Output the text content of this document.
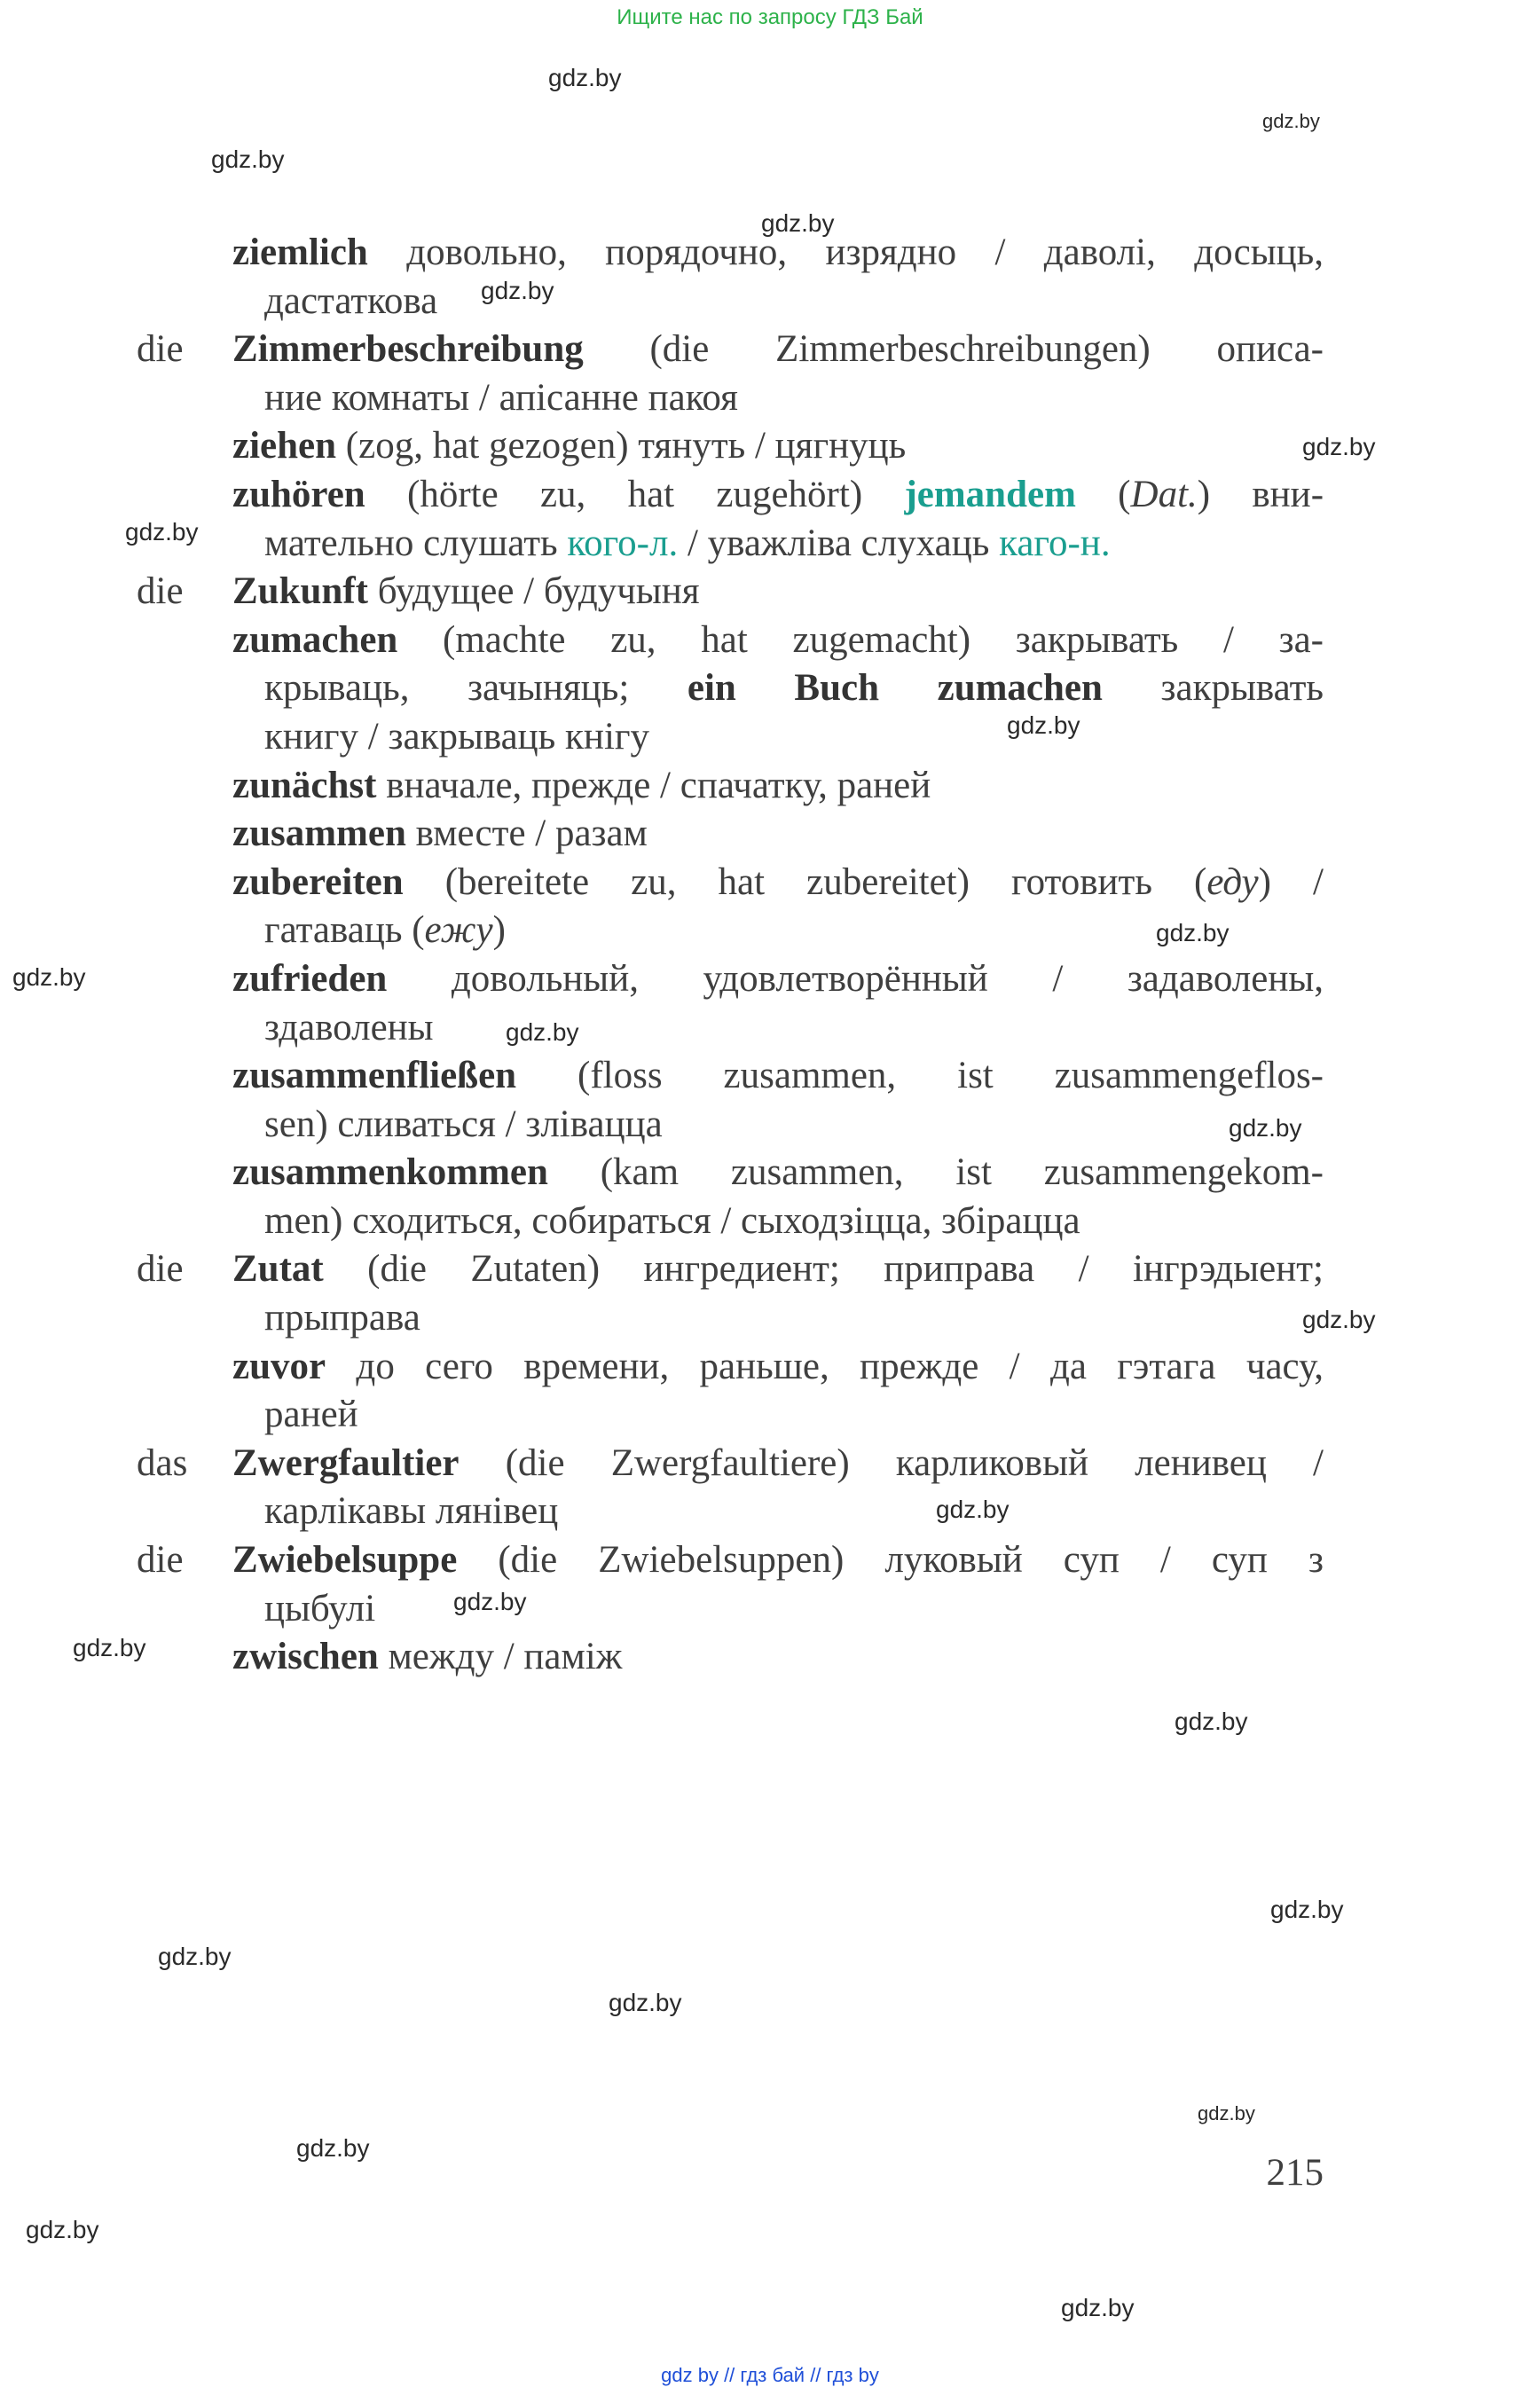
Ищите нас по запросу ГДЗ Бай
ziemlich довольно, порядочно, изрядно / даволі, досыць,
дастаткова
die Zimmerbeschreibung (die Zimmerbeschreibungen) описа-
ние комнаты / апісанне пакоя
ziehen (zog, hat gezogen) тянуть / цягнуць
zuhören (hörte zu, hat zugehört) jemandem (Dat.) вни-
мательно слушать кого-л. / уважліва слухаць каго-н.
die Zukunft будущее / будучыня
zumachen (machte zu, hat zugemacht) закрывать / за-
крываць, зачыняць; ein Buch zumachen закрывать
книгу / закрываць кнігу
zunächst вначале, прежде / спачатку, раней
zusammen вместе / разам
zubereiten (bereitete zu, hat zubereitet) готовить (еду) /
гатаваць (ежу)
zufrieden довольный, удовлетворённый / задаволены,
здаволены
zusammenfließen (floss zusammen, ist zusammengeflos-
sen) сливаться / зліваццa
zusammenkommen (kam zusammen, ist zusammengekom-
men) сходиться, собираться / сыходзіцца, збірацца
die Zutat (die Zutaten) ингредиент; приправа / інгрэдыент;
прыправа
zuvor до сего времени, раньше, прежде / да гэтага часу,
раней
das Zwergfaultier (die Zwergfaultiere) карликовый ленивец /
карлікавы лянівец
die Zwiebelsuppe (die Zwiebelsuppen) луковый суп / суп з
цыбулі
zwischen между / паміж
215
gdz by // гдз бай // гдз by
gdz.by
gdz.by
gdz.by
gdz.by
gdz.by
gdz.by
gdz.by
gdz.by
gdz.by
gdz.by
gdz.by
gdz.by
gdz.by
gdz.by
gdz.by
gdz.by
gdz.by
gdz.by
gdz.by
gdz.by
gdz.by
gdz.by
gdz.by
gdz.by
